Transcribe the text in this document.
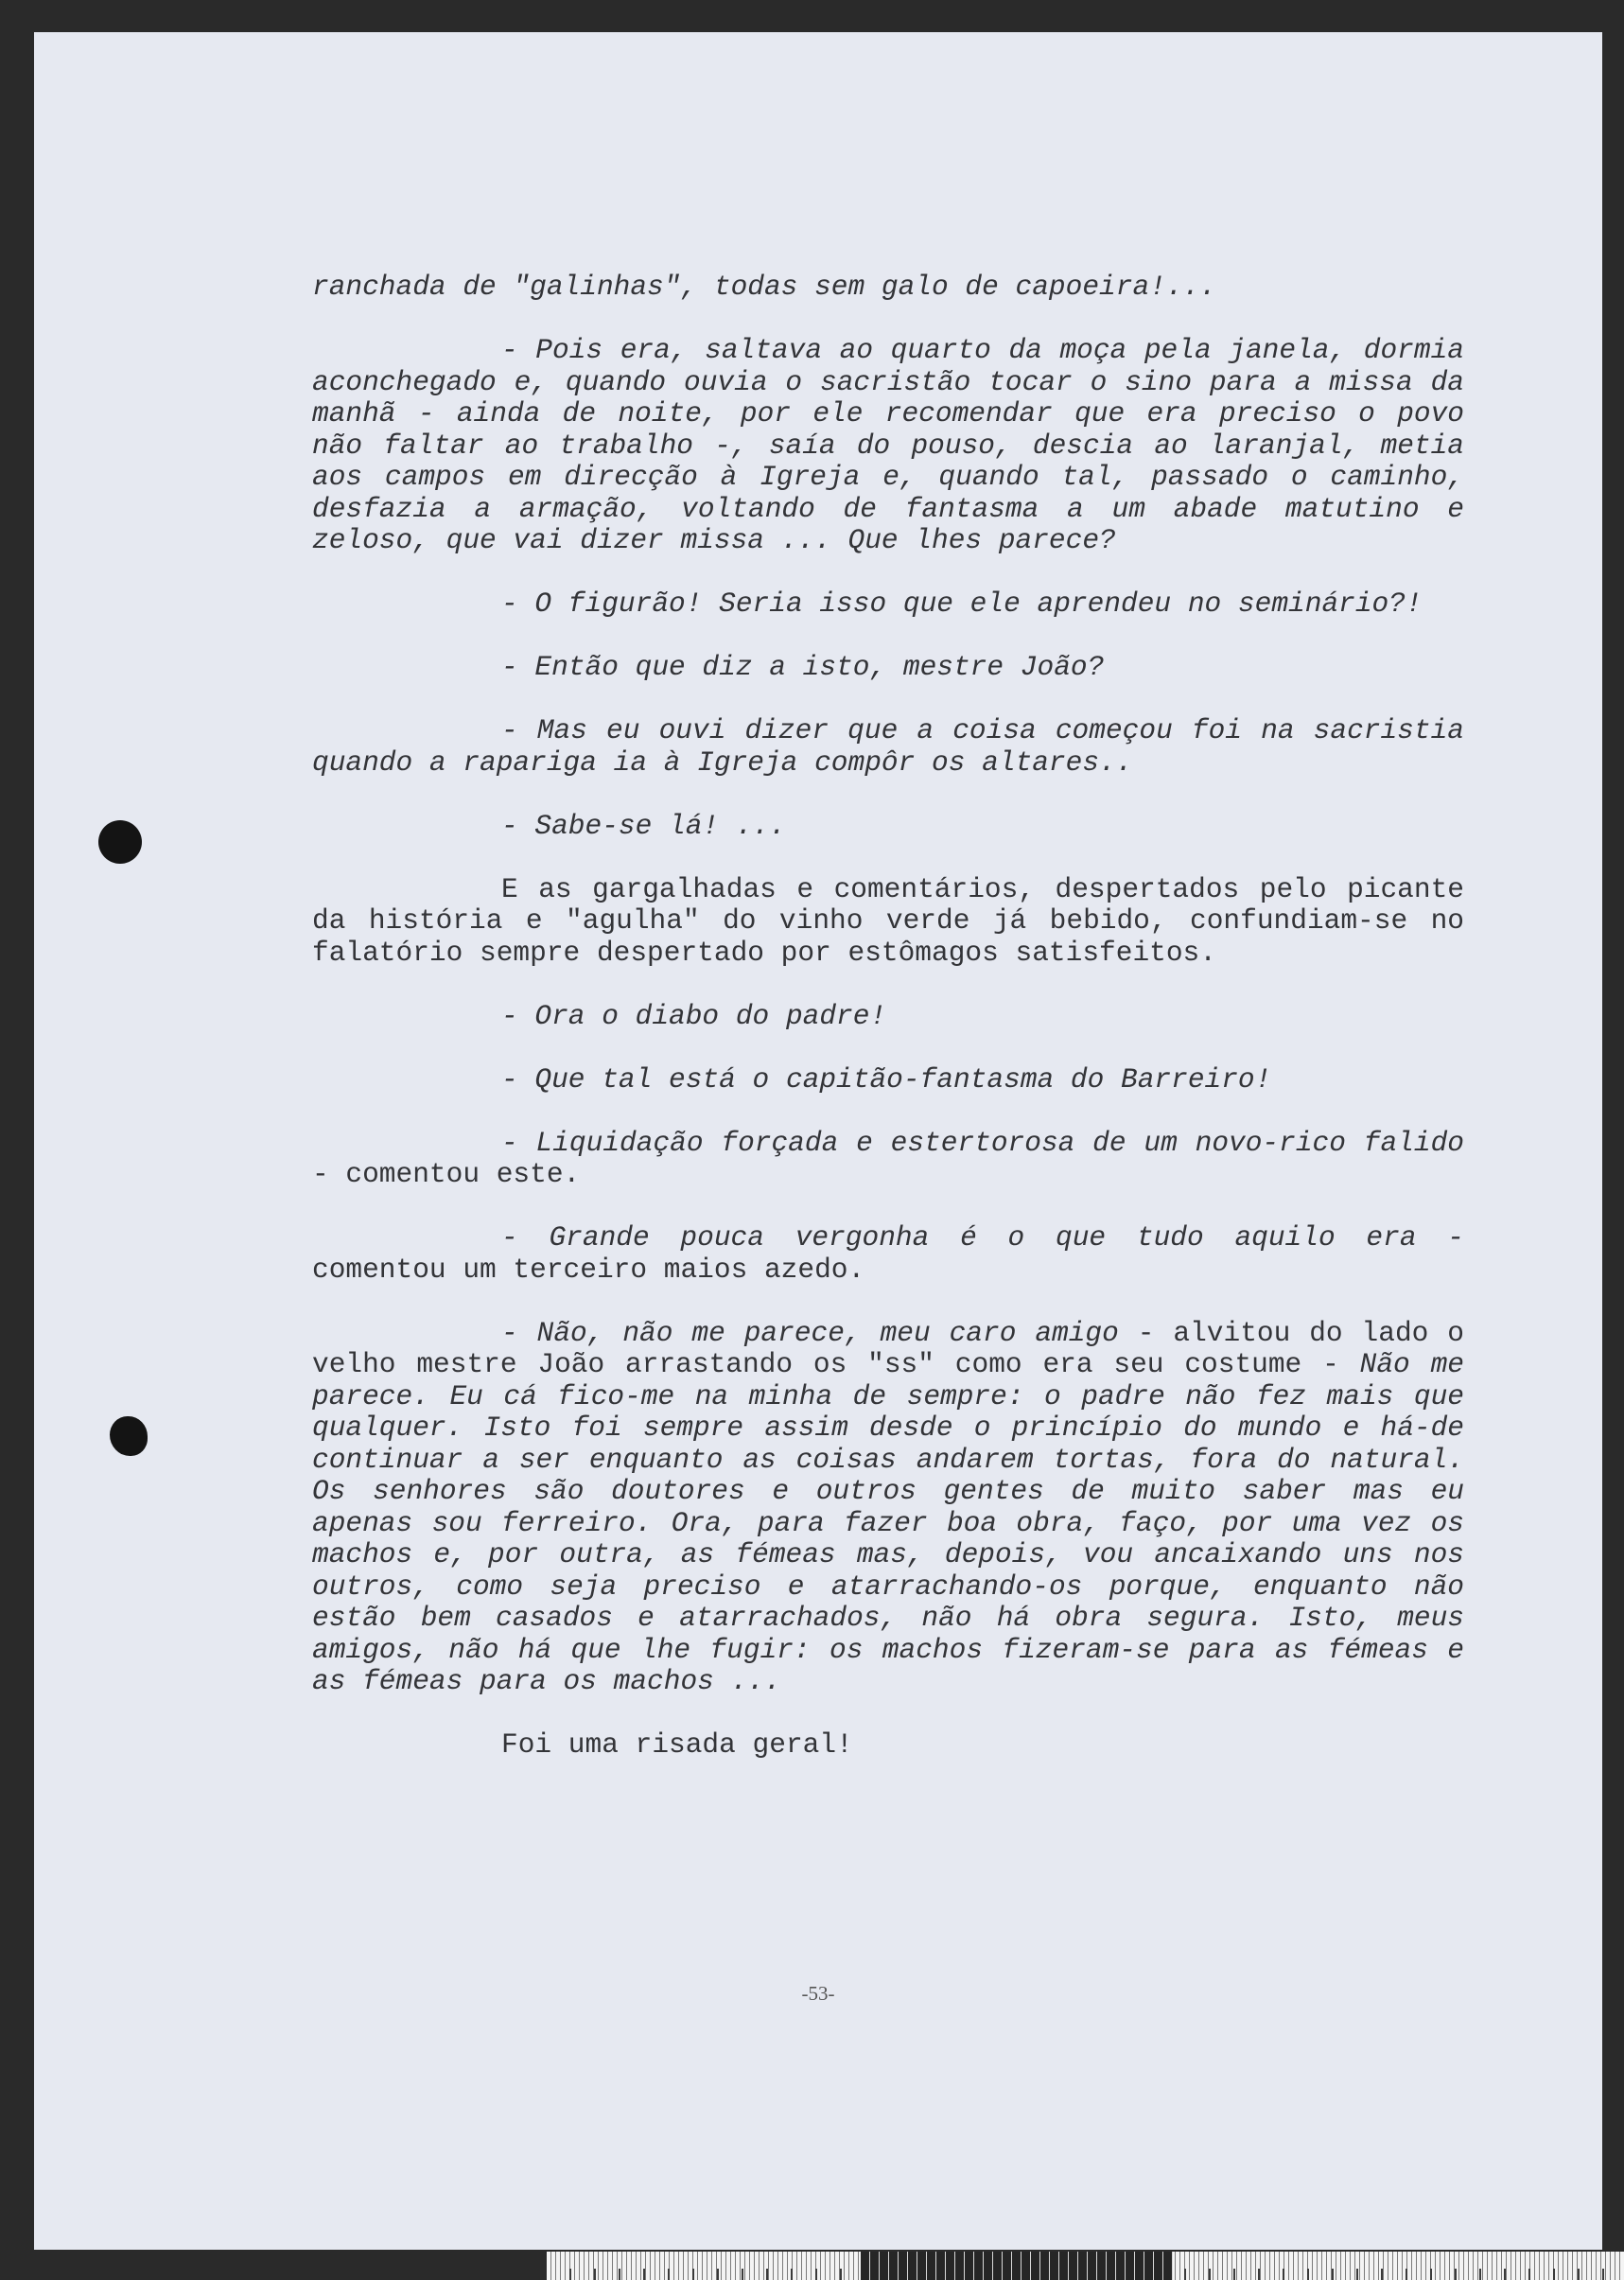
ranchada de "galinhas", todas sem galo de capoeira!...

- Pois era, saltava ao quarto da moça pela janela, dormia aconchegado e, quando ouvia o sacristão tocar o sino para a missa da manhã - ainda de noite, por ele recomendar que era preciso o povo não faltar ao trabalho -, saía do pouso, descia ao laranjal, metia aos campos em direcção à Igreja e, quando tal, passado o caminho, desfazia a armação, voltando de fantasma a um abade matutino e zeloso, que vai dizer missa ... Que lhes parece?

- O figurão! Seria isso que ele aprendeu no seminário?!

- Então que diz a isto, mestre João?

- Mas eu ouvi dizer que a coisa começou foi na sacristia quando a rapariga ia à Igreja compôr os altares..

- Sabe-se lá! ...

E as gargalhadas e comentários, despertados pelo picante da história e "agulha" do vinho verde já bebido, confundiam-se no falatório sempre despertado por estômagos satisfeitos.

- Ora o diabo do padre!

- Que tal está o capitão-fantasma do Barreiro!

- Liquidação forçada e estertorosa de um novo-rico falido - comentou este.

- Grande pouca vergonha é o que tudo aquilo era - comentou um terceiro maios azedo.

- Não, não me parece, meu caro amigo - alvitou do lado o velho mestre João arrastando os "ss" como era seu costume - Não me parece. Eu cá fico-me na minha de sempre: o padre não fez mais que qualquer. Isto foi sempre assim desde o princípio do mundo e há-de continuar a ser enquanto as coisas andarem tortas, fora do natural. Os senhores são doutores e outros gentes de muito saber mas eu apenas sou ferreiro. Ora, para fazer boa obra, faço, por uma vez os machos e, por outra, as fémeas mas, depois, vou ancaixando uns nos outros, como seja preciso e atarrachando-os porque, enquanto não estão bem casados e atarrachados, não há obra segura. Isto, meus amigos, não há que lhe fugir: os machos fizeram-se para as fémeas e as fémeas para os machos ...

Foi uma risada geral!

-53-
